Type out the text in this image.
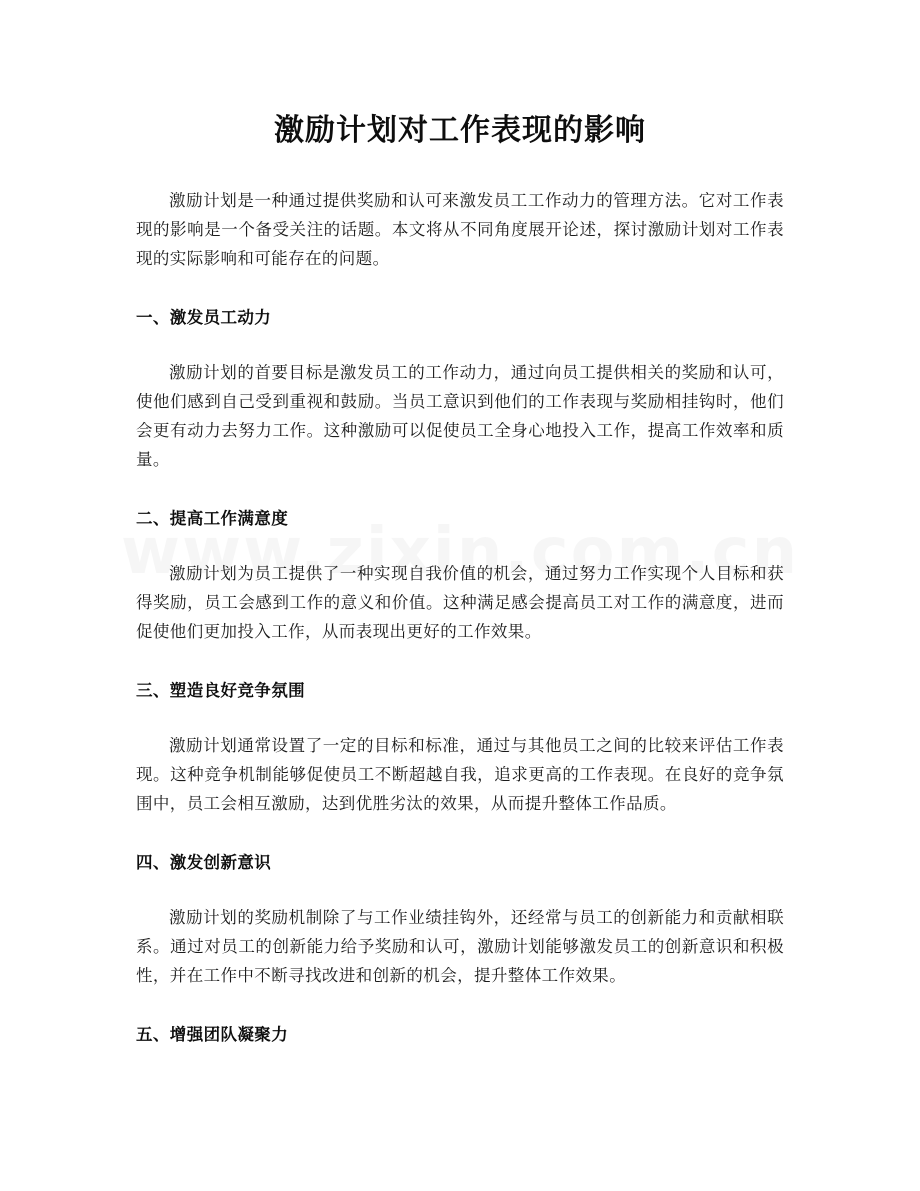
激励计划对工作表现的影响

激励计划是一种通过提供奖励和认可来激发员工工作动力的管理方法。它对工作表现的影响是一个备受关注的话题。本文将从不同角度展开论述，探讨激励计划对工作表现的实际影响和可能存在的问题。

一、激发员工动力

激励计划的首要目标是激发员工的工作动力，通过向员工提供相关的奖励和认可，使他们感到自己受到重视和鼓励。当员工意识到他们的工作表现与奖励相挂钩时，他们会更有动力去努力工作。这种激励可以促使员工全身心地投入工作，提高工作效率和质量。

二、提高工作满意度

激励计划为员工提供了一种实现自我价值的机会，通过努力工作实现个人目标和获得奖励，员工会感到工作的意义和价值。这种满足感会提高员工对工作的满意度，进而促使他们更加投入工作，从而表现出更好的工作效果。

三、塑造良好竞争氛围

激励计划通常设置了一定的目标和标准，通过与其他员工之间的比较来评估工作表现。这种竞争机制能够促使员工不断超越自我，追求更高的工作表现。在良好的竞争氛围中，员工会相互激励，达到优胜劣汰的效果，从而提升整体工作品质。

四、激发创新意识

激励计划的奖励机制除了与工作业绩挂钩外，还经常与员工的创新能力和贡献相联系。通过对员工的创新能力给予奖励和认可，激励计划能够激发员工的创新意识和积极性，并在工作中不断寻找改进和创新的机会，提升整体工作效果。

五、增强团队凝聚力
